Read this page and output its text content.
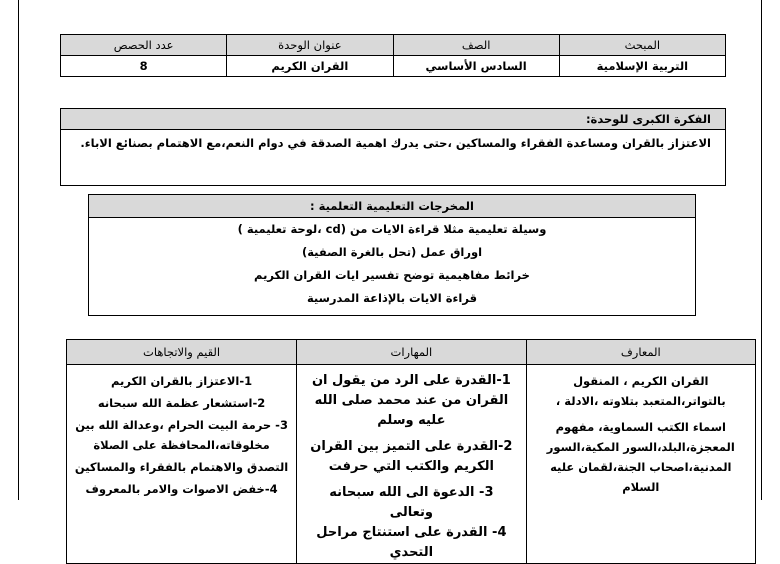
المبحث	الصف	عنوان الوحدة	عدد الحصص
التربية الإسلامية	السادس الأساسي	القران الكريم	8
الفكرة الكبرى للوحدة:
الاعتزاز بالقران ومساعدة الفقراء والمساكين ،حتى يدرك اهمية الصدقة في دوام النعم،مع الاهتمام بصنائع الاباء.
المخرجات التعليمية التعلمية :
وسيلة تعليمية مثلا قراءة الايات من (cd ،لوحة تعليمية )
اوراق عمل (تحل بالغرة الصفية)
خرائط مفاهيمية توضح تفسير ايات القران الكريم
قراءة الايات بالإذاعة المدرسية
المعارف	المهارات	القيم والاتجاهات

القران الكريم ، المنقول بالتواتر،المتعبد بتلاوته ،الادلة ،
اسماء الكتب السماوية، مفهوم المعجزة،البلد،السور المكية،السور المدنية،اصحاب الجنة،لقمان عليه السلام	1-القدرة على الرد من يقول ان القران من عند محمد صلى الله عليه وسلم
2-القدرة على التميز بين القران الكريم والكتب التي حرفت
3- الدعوة الى الله سبحانه وتعالى
4- القدرة على استنتاج مراحل التحدي	1-الاعتزاز بالقران الكريم
2-استشعار عظمة الله سبحانه
3- حرمة البيت الحرام ،وعدالة الله بين مخلوقاته،المحافظة على الصلاة
التصدق والاهتمام بالفقراء والمساكين
4-خفض الاصوات والامر بالمعروف
